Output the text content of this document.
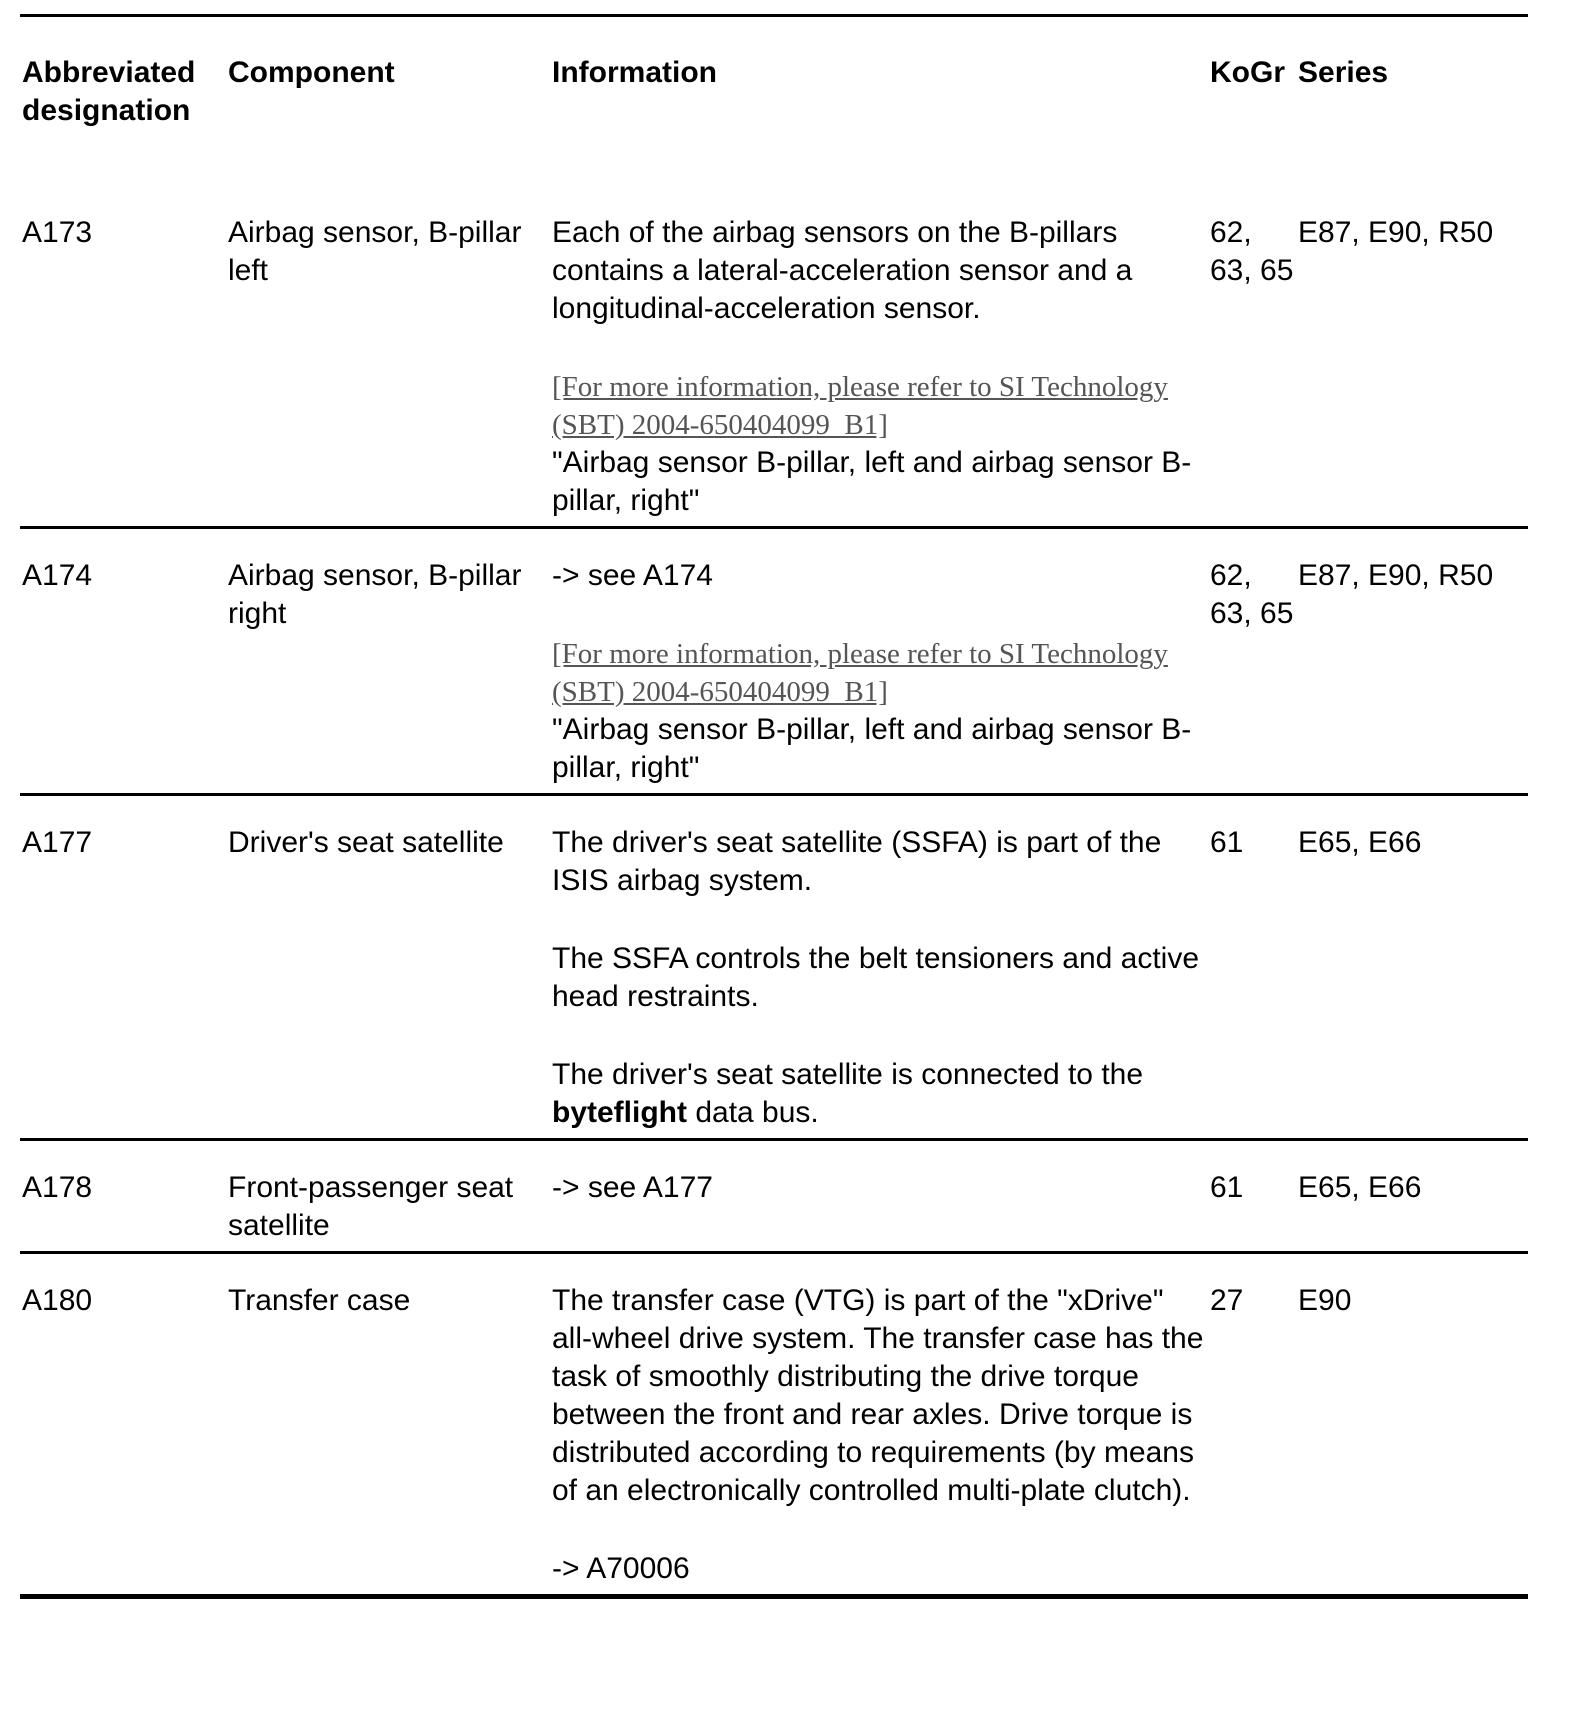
Abbreviated designation	Component	Information	KoGr	Series
A173	Airbag sensor, B-pillar left	Each of the airbag sensors on the B-pillars contains a lateral-acceleration sensor and a longitudinal-acceleration sensor.

[For more information, please refer to SI Technology (SBT) 2004-650404099_B1]

"Airbag sensor B-pillar, left and airbag sensor B-pillar, right"	62, 63, 65	E87, E90, R50
A174	Airbag sensor, B-pillar right	-> see A174

[For more information, please refer to SI Technology (SBT) 2004-650404099_B1]

"Airbag sensor B-pillar, left and airbag sensor B-pillar, right"	62, 63, 65	E87, E90, R50
A177	Driver's seat satellite	The driver's seat satellite (SSFA) is part of the ISIS airbag system.

The SSFA controls the belt tensioners and active head restraints.

The driver's seat satellite is connected to the byteflight data bus.	61	E65, E66
A178	Front-passenger seat satellite	-> see A177	61	E65, E66
A180	Transfer case	The transfer case (VTG) is part of the "xDrive" all-wheel drive system. The transfer case has the task of smoothly distributing the drive torque between the front and rear axles. Drive torque is distributed according to requirements (by means of an electronically controlled multi-plate clutch).

-> A70006	27	E90
